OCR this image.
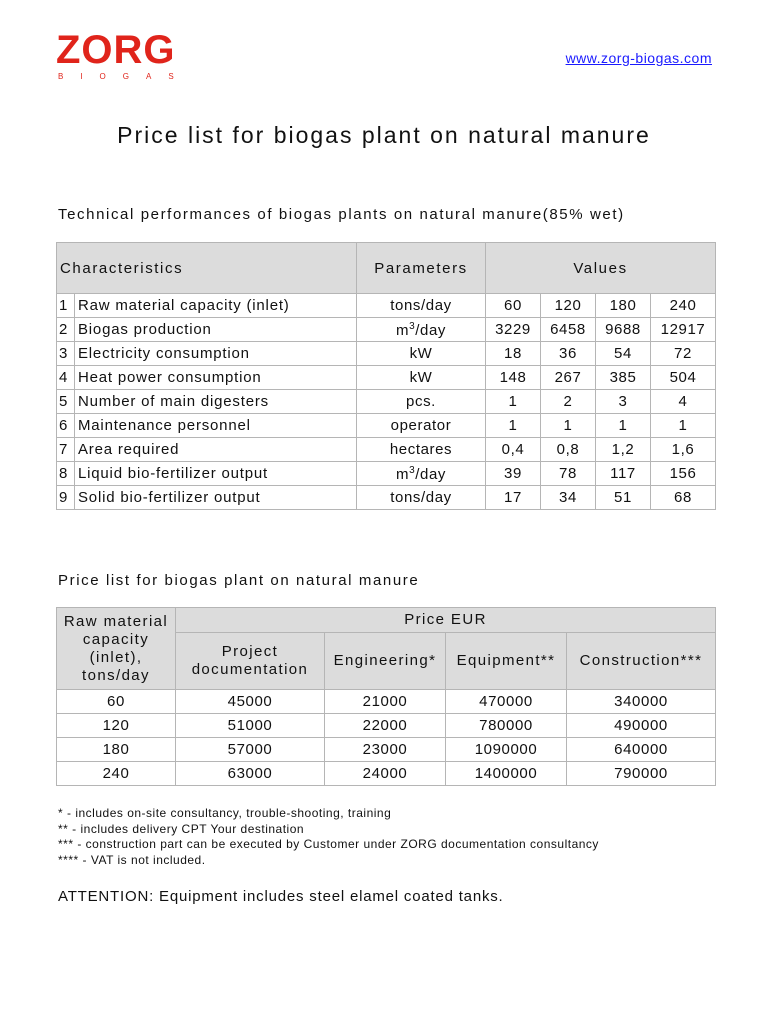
ZORG
BIOGAS
www.zorg-biogas.com
Price list for biogas plant on natural manure
Technical performances of biogas plants on natural manure(85% wet)
Characteristics		Parameters	Values			
1	Raw material capacity (inlet)	tons/day	60	120	180	240
2	Biogas production	$m^3$/day	3229	6458	9688	12917
3	Electricity consumption	kW	18	36	54	72
4	Heat power consumption	kW	148	267	385	504
5	Number of main digesters	pcs.	1	2	3	4
6	Maintenance personnel	operator	1	1	1	1
7	Area required	hectares	0,4	0,8	1,2	1,6
8	Liquid bio-fertilizer output	$m^3$/day	39	78	117	156
9	Solid bio-fertilizer output	tons/day	17	34	51	68
Price list for biogas plant on natural manure
Raw material
capacity
(inlet),
tons/day	Price EUR			

	Project
documentation	Engineering*	Equipment**	Construction***
60	45000	21000	470000	340000
120	51000	22000	780000	490000
180	57000	23000	1090000	640000
240	63000	24000	1400000	790000
* - includes on-site consultancy, trouble-shooting, training
** - includes delivery CPT Your destination
*** - construction part can be executed by Customer under ZORG documentation consultancy
**** - VAT is not included.
ATTENTION: Equipment includes steel elamel coated tanks.
